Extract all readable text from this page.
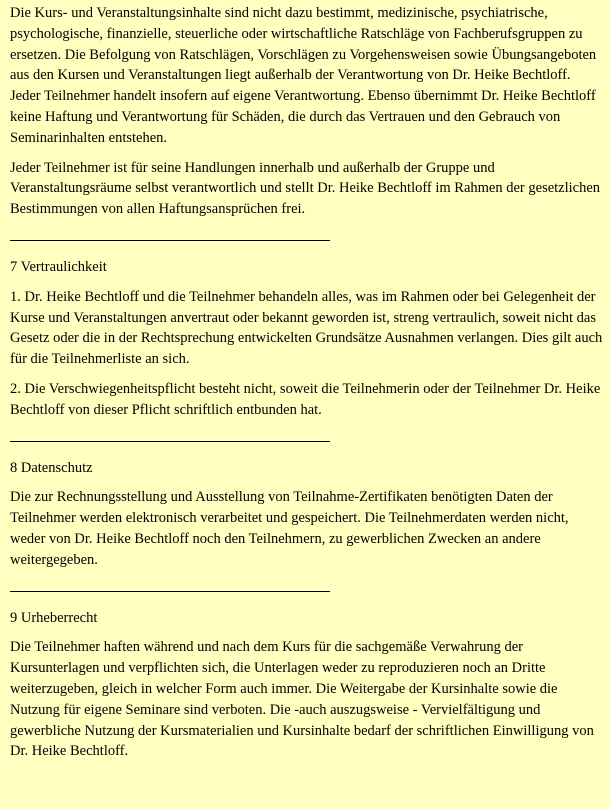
Die Kurs- und Veranstaltungsinhalte sind nicht dazu bestimmt, medizinische, psychiatrische, psychologische, finanzielle, steuerliche oder wirtschaftliche Ratschläge von Fachberufsgruppen zu ersetzen. Die Befolgung von Ratschlägen, Vorschlägen zu Vorgehensweisen sowie Übungsangeboten aus den Kursen und Veranstaltungen liegt außerhalb der Verantwortung von Dr. Heike Bechtloff. Jeder Teilnehmer handelt insofern auf eigene Verantwortung. Ebenso übernimmt Dr. Heike Bechtloff keine Haftung und Verantwortung für Schäden, die durch das Vertrauen und den Gebrauch von Seminarinhalten entstehen.

Jeder Teilnehmer ist für seine Handlungen innerhalb und außerhalb der Gruppe und Veranstaltungsräume selbst verantwortlich und stellt Dr. Heike Bechtloff im Rahmen der gesetzlichen Bestimmungen von allen Haftungsansprüchen frei.

7 Vertraulichkeit

1. Dr. Heike Bechtloff und die Teilnehmer behandeln alles, was im Rahmen oder bei Gelegenheit der Kurse und Veranstaltungen anvertraut oder bekannt geworden ist, streng vertraulich, soweit nicht das Gesetz oder die in der Rechtsprechung entwickelten Grundsätze Ausnahmen verlangen. Dies gilt auch für die Teilnehmerliste an sich.

2. Die Verschwiegenheitspflicht besteht nicht, soweit die Teilnehmerin oder der Teilnehmer Dr. Heike Bechtloff von dieser Pflicht schriftlich entbunden hat.

8 Datenschutz

Die zur Rechnungsstellung und Ausstellung von Teilnahme-Zertifikaten benötigten Daten der Teilnehmer werden elektronisch verarbeitet und gespeichert. Die Teilnehmerdaten werden nicht, weder von Dr. Heike Bechtloff noch den Teilnehmern, zu gewerblichen Zwecken an andere weitergegeben.

9 Urheberrecht

Die Teilnehmer haften während und nach dem Kurs für die sachgemäße Verwahrung der Kursunterlagen und verpflichten sich, die Unterlagen weder zu reproduzieren noch an Dritte weiterzugeben, gleich in welcher Form auch immer. Die Weitergabe der Kursinhalte sowie die Nutzung für eigene Seminare sind verboten. Die -auch auszugsweise - Vervielfältigung und gewerbliche Nutzung der Kursmaterialien und Kursinhalte bedarf der schriftlichen Einwilligung von Dr. Heike Bechtloff.
